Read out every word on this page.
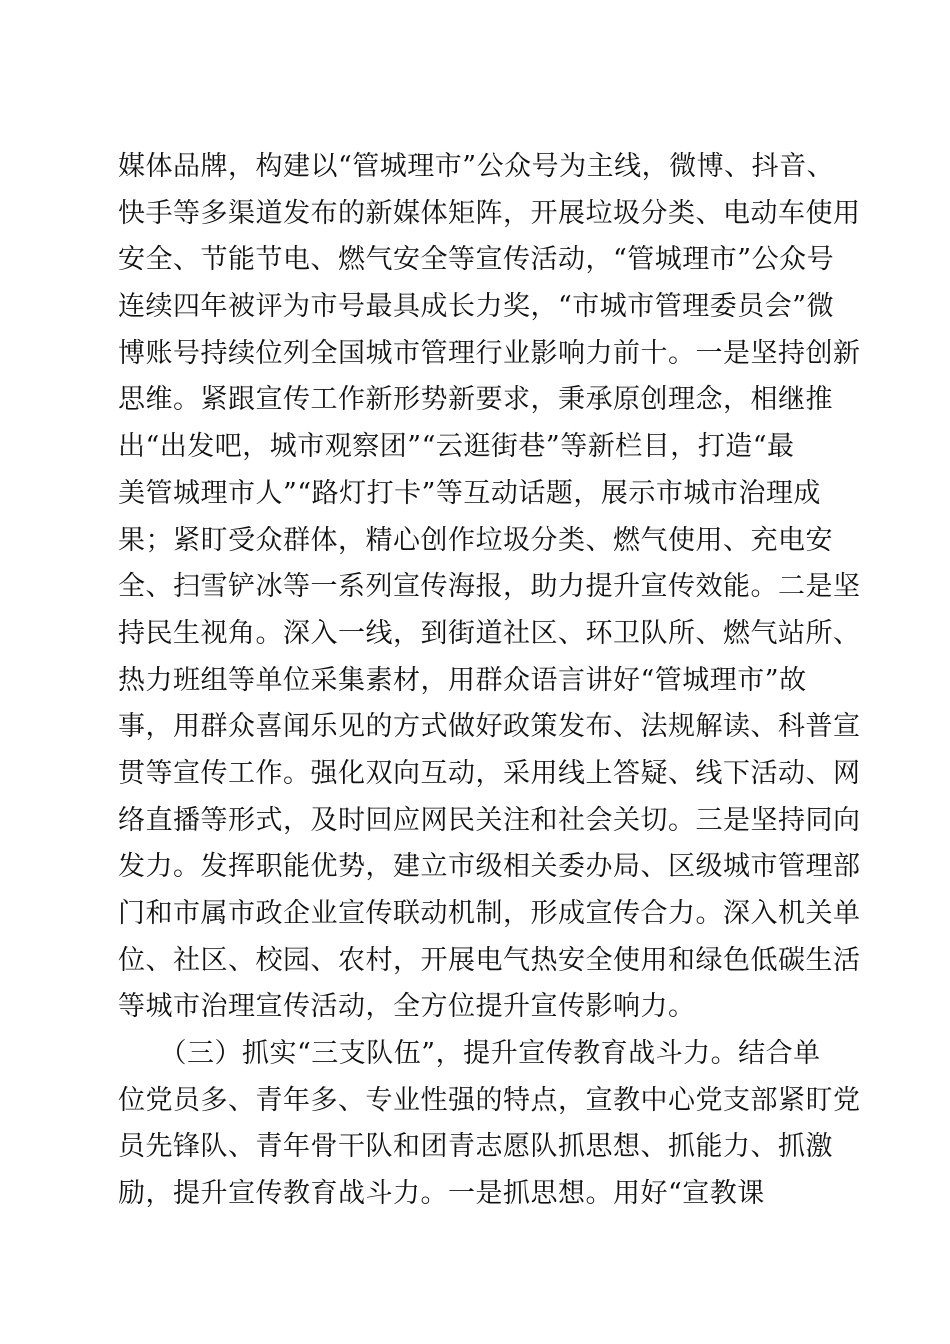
媒体品牌，构建以“管城理市”公众号为主线，微博、抖音、
快手等多渠道发布的新媒体矩阵，开展垃圾分类、电动车使用
安全、节能节电、燃气安全等宣传活动，“管城理市”公众号
连续四年被评为市号最具成长力奖，“市城市管理委员会”微
博账号持续位列全国城市管理行业影响力前十。一是坚持创新
思维。紧跟宣传工作新形势新要求，秉承原创理念，相继推
出“出发吧，城市观察团”“云逛街巷”等新栏目，打造“最
美管城理市人”“路灯打卡”等互动话题，展示市城市治理成
果；紧盯受众群体，精心创作垃圾分类、燃气使用、充电安
全、扫雪铲冰等一系列宣传海报，助力提升宣传效能。二是坚
持民生视角。深入一线，到街道社区、环卫队所、燃气站所、
热力班组等单位采集素材，用群众语言讲好“管城理市”故
事，用群众喜闻乐见的方式做好政策发布、法规解读、科普宣
贯等宣传工作。强化双向互动，采用线上答疑、线下活动、网
络直播等形式，及时回应网民关注和社会关切。三是坚持同向
发力。发挥职能优势，建立市级相关委办局、区级城市管理部
门和市属市政企业宣传联动机制，形成宣传合力。深入机关单
位、社区、校园、农村，开展电气热安全使用和绿色低碳生活
等城市治理宣传活动，全方位提升宣传影响力。
　　（三）抓实“三支队伍”，提升宣传教育战斗力。结合单
位党员多、青年多、专业性强的特点，宣教中心党支部紧盯党
员先锋队、青年骨干队和团青志愿队抓思想、抓能力、抓激
励，提升宣传教育战斗力。一是抓思想。用好“宣教课
